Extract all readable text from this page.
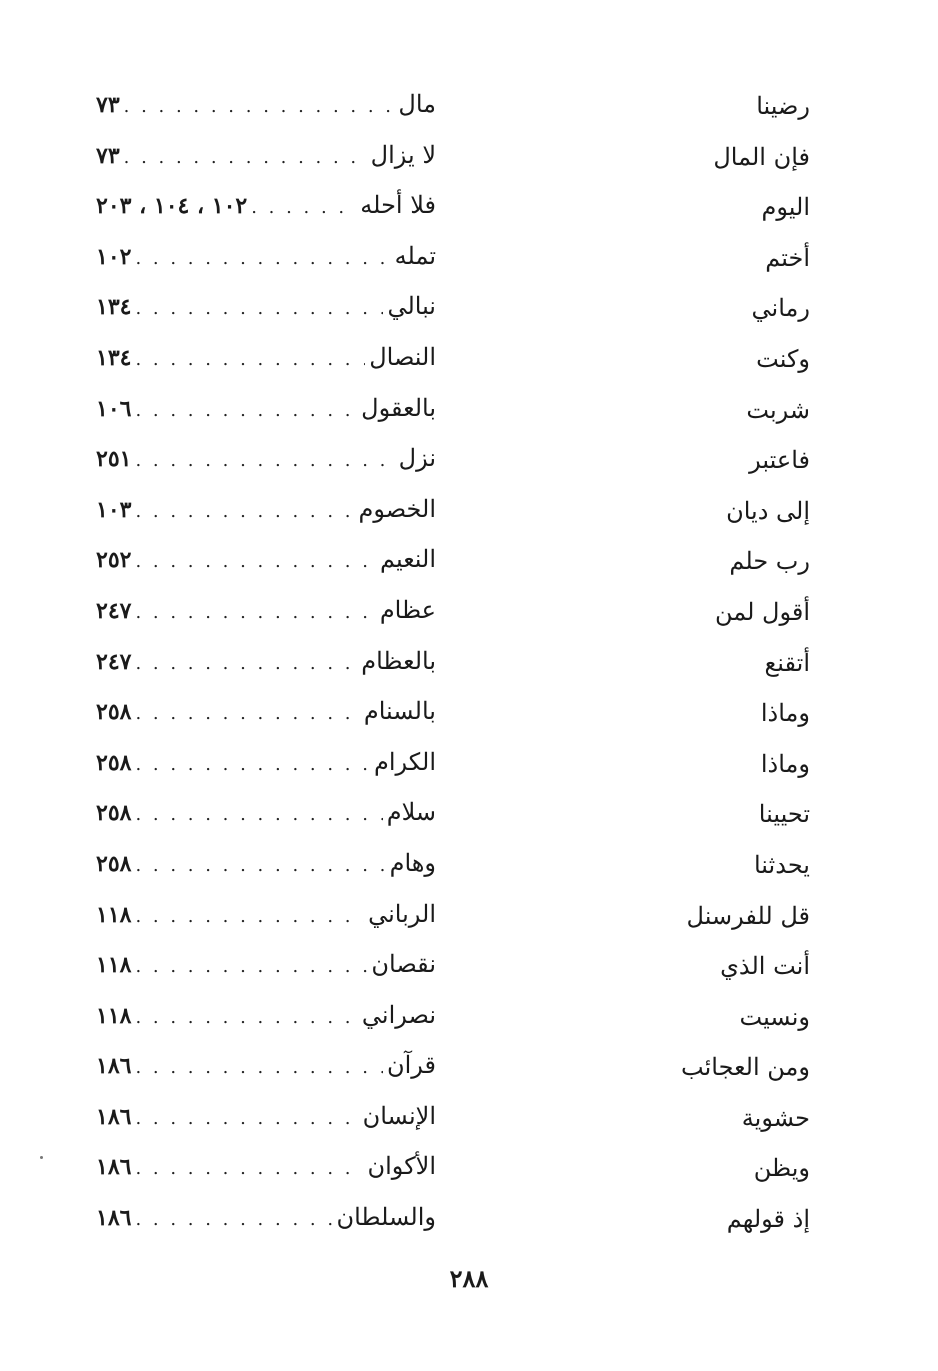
رضينا
مال
. . .
٧٣
فإن المال
لا يزال
. . .
٧٣
اليوم
فلا أحله
. . .
١٠٢ ، ١٠٤ ، ٢٠٣
أختم
تمله
. . .
١٠٢
رماني
نبالي
. . .
١٣٤
وكنت
النصال
. . .
١٣٤
شربت
بالعقول
. . .
١٠٦
فاعتبر
نزل
. . .
٢٥١
إلى ديان
الخصوم
. . .
١٠٣
رب حلم
النعيم
. . .
٢٥٢
أقول لمن
عظام
. . .
٢٤٧
أتقنع
بالعظام
. . .
٢٤٧
وماذا
بالسنام
. . .
٢٥٨
وماذا
الكرام
. . .
٢٥٨
تحيينا
سلام
. . .
٢٥٨
يحدثنا
وهام
. . .
٢٥٨
قل للفرسنل
الرباني
. . .
١١٨
أنت الذي
نقصان
. . .
١١٨
ونسيت
نصراني
. . .
١١٨
ومن العجائب
قرآن
. . .
١٨٦
حشوية
الإنسان
. . .
١٨٦
ويظن
الأكوان
. . .
١٨٦
إذ قولهم
والسلطان
. . .
١٨٦
٢٨٨
